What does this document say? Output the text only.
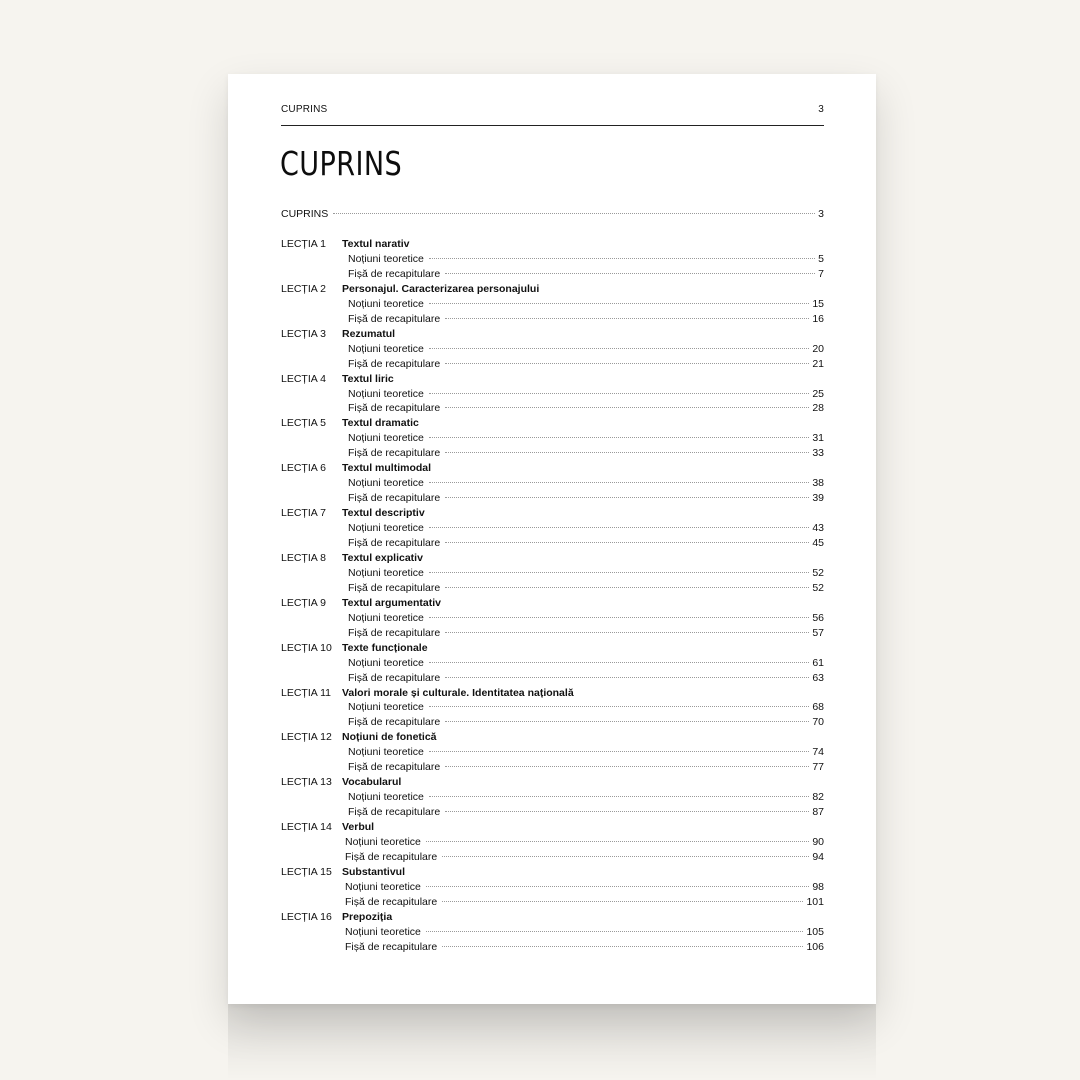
CUPRINS	3
CUPRINS
CUPRINS	3
LECȚIA 1 Textul narativ
Noțiuni teoretice	5
Fișă de recapitulare	7
LECȚIA 2 Personajul. Caracterizarea personajului
Noțiuni teoretice	15
Fișă de recapitulare	16
LECȚIA 3 Rezumatul
Noțiuni teoretice	20
Fișă de recapitulare	21
LECȚIA 4 Textul liric
Noțiuni teoretice	25
Fișă de recapitulare	28
LECȚIA 5 Textul dramatic
Noțiuni teoretice	31
Fișă de recapitulare	33
LECȚIA 6 Textul multimodal
Noțiuni teoretice	38
Fișă de recapitulare	39
LECȚIA 7 Textul descriptiv
Noțiuni teoretice	43
Fișă de recapitulare	45
LECȚIA 8 Textul explicativ
Noțiuni teoretice	52
Fișă de recapitulare	52
LECȚIA 9 Textul argumentativ
Noțiuni teoretice	56
Fișă de recapitulare	57
LECȚIA 10 Texte funcționale
Noțiuni teoretice	61
Fișă de recapitulare	63
LECȚIA 11 Valori morale și culturale. Identitatea națională
Noțiuni teoretice	68
Fișă de recapitulare	70
LECȚIA 12 Noțiuni de fonetică
Noțiuni teoretice	74
Fișă de recapitulare	77
LECȚIA 13 Vocabularul
Noțiuni teoretice	82
Fișă de recapitulare	87
LECȚIA 14 Verbul
Noțiuni teoretice	90
Fișă de recapitulare	94
LECȚIA 15 Substantivul
Noțiuni teoretice	98
Fișă de recapitulare	101
LECȚIA 16 Prepoziția
Noțiuni teoretice	105
Fișă de recapitulare	106
